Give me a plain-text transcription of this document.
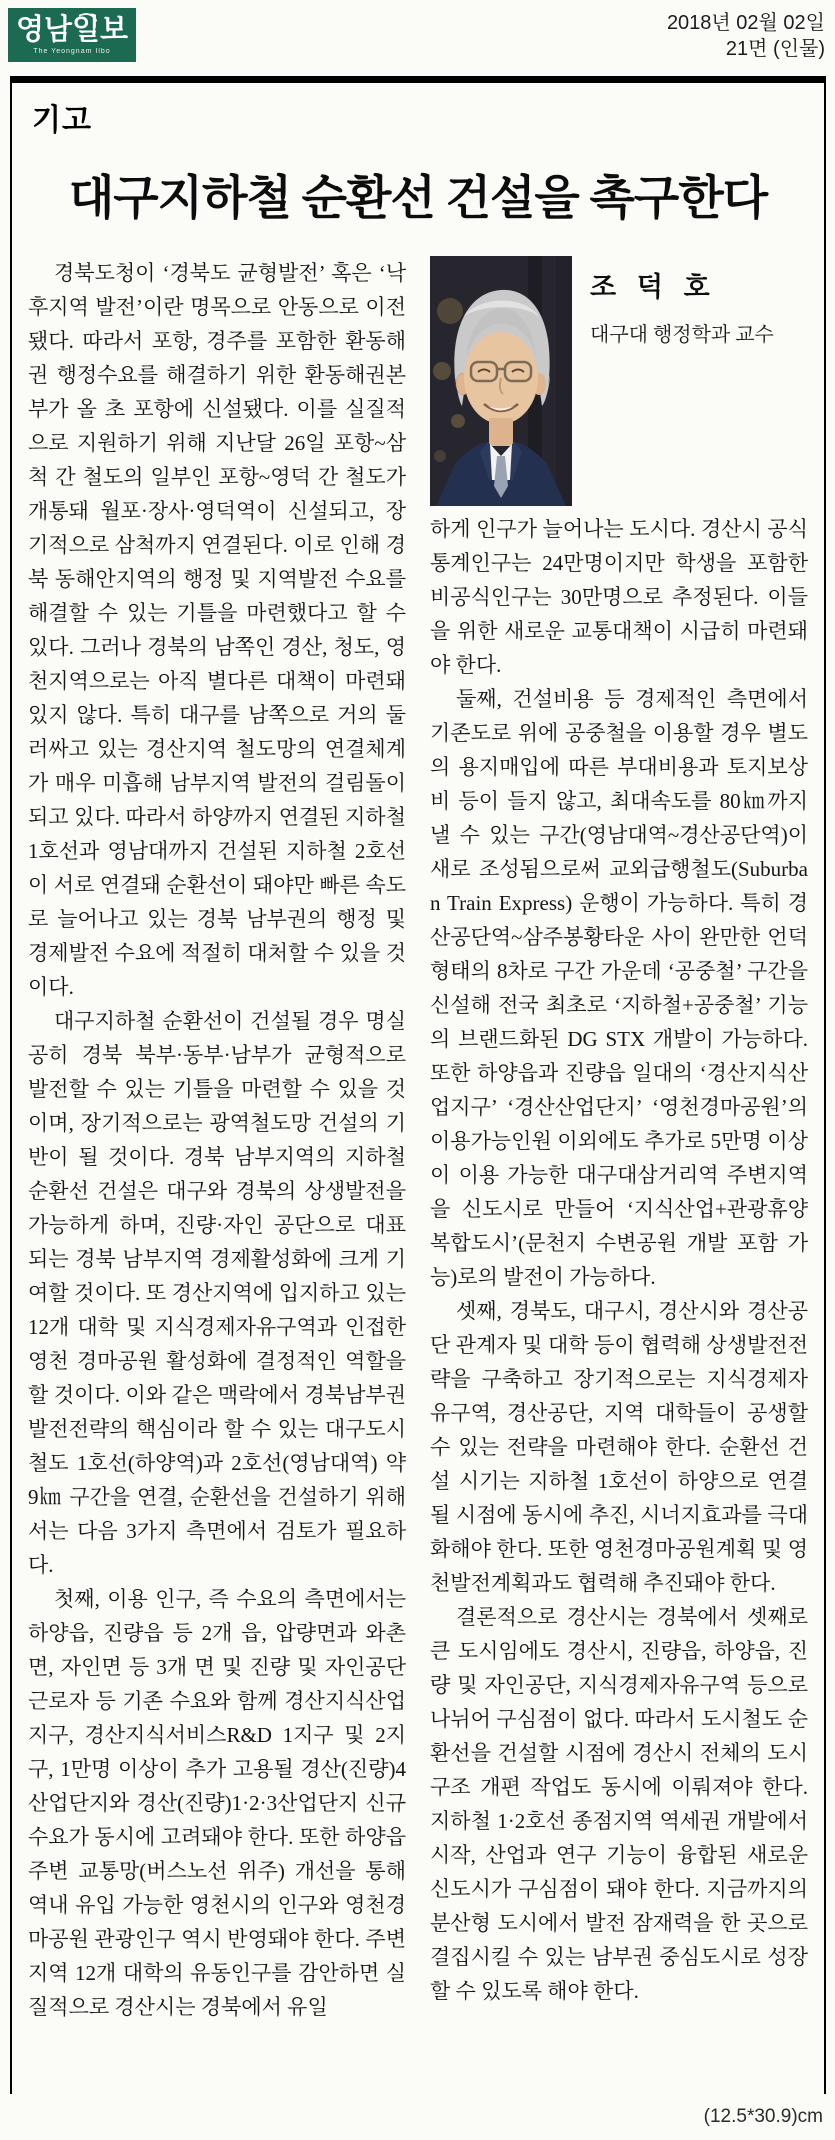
영남일보
The Yeongnam Ilbo
2018년 02월 02일
21면 (인물)
기고
대구지하철 순환선 건설을 촉구한다

경북도청이 ‘경북도 균형발전’ 혹은 ‘낙후지역 발전’이란 명목으로 안동으로 이전됐다. 따라서 포항, 경주를 포함한 환동해권 행정수요를 해결하기 위한 환동해권본부가 올 초 포항에 신설됐다. 이를 실질적으로 지원하기 위해 지난달 26일 포항~삼척 간 철도의 일부인 포항~영덕 간 철도가 개통돼 월포·장사·영덕역이 신설되고, 장기적으로 삼척까지 연결된다. 이로 인해 경북 동해안지역의 행정 및 지역발전 수요를 해결할 수 있는 기틀을 마련했다고 할 수 있다. 그러나 경북의 남쪽인 경산, 청도, 영천지역으로는 아직 별다른 대책이 마련돼 있지 않다. 특히 대구를 남쪽으로 거의 둘러싸고 있는 경산지역 철도망의 연결체계가 매우 미흡해 남부지역 발전의 걸림돌이 되고 있다. 따라서 하양까지 연결된 지하철 1호선과 영남대까지 건설된 지하철 2호선이 서로 연결돼 순환선이 돼야만 빠른 속도로 늘어나고 있는 경북 남부권의 행정 및 경제발전 수요에 적절히 대처할 수 있을 것이다.

대구지하철 순환선이 건설될 경우 명실공히 경북 북부·동부·남부가 균형적으로 발전할 수 있는 기틀을 마련할 수 있을 것이며, 장기적으로는 광역철도망 건설의 기반이 될 것이다. 경북 남부지역의 지하철 순환선 건설은 대구와 경북의 상생발전을 가능하게 하며, 진량·자인 공단으로 대표되는 경북 남부지역 경제활성화에 크게 기여할 것이다. 또 경산지역에 입지하고 있는 12개 대학 및 지식경제자유구역과 인접한 영천 경마공원 활성화에 결정적인 역할을 할 것이다. 이와 같은 맥락에서 경북남부권 발전전략의 핵심이라 할 수 있는 대구도시철도 1호선(하양역)과 2호선(영남대역) 약 9㎞ 구간을 연결, 순환선을 건설하기 위해서는 다음 3가지 측면에서 검토가 필요하다.

첫째, 이용 인구, 즉 수요의 측면에서는 하양읍, 진량읍 등 2개 읍, 압량면과 와촌면, 자인면 등 3개 면 및 진량 및 자인공단 근로자 등 기존 수요와 함께 경산지식산업지구, 경산지식서비스R&D 1지구 및 2지구, 1만명 이상이 추가 고용될 경산(진량)4산업단지와 경산(진량)1·2·3산업단지 신규 수요가 동시에 고려돼야 한다. 또한 하양읍 주변 교통망(버스노선 위주) 개선을 통해 역내 유입 가능한 영천시의 인구와 영천경마공원 관광인구 역시 반영돼야 한다. 주변지역 12개 대학의 유동인구를 감안하면 실질적으로 경산시는 경북에서 유일

조 덕 호
대구대 행정학과 교수

하게 인구가 늘어나는 도시다. 경산시 공식통계인구는 24만명이지만 학생을 포함한 비공식인구는 30만명으로 추정된다. 이들을 위한 새로운 교통대책이 시급히 마련돼야 한다.

둘째, 건설비용 등 경제적인 측면에서 기존도로 위에 공중철을 이용할 경우 별도의 용지매입에 따른 부대비용과 토지보상비 등이 들지 않고, 최대속도를 80㎞까지 낼 수 있는 구간(영남대역~경산공단역)이 새로 조성됨으로써 교외급행철도(Suburban Train Express) 운행이 가능하다. 특히 경산공단역~삼주봉황타운 사이 완만한 언덕 형태의 8차로 구간 가운데 ‘공중철’ 구간을 신설해 전국 최초로 ‘지하철+공중철’ 기능의 브랜드화된 DG STX 개발이 가능하다. 또한 하양읍과 진량읍 일대의 ‘경산지식산업지구’ ‘경산산업단지’ ‘영천경마공원’의 이용가능인원 이외에도 추가로 5만명 이상이 이용 가능한 대구대삼거리역 주변지역을 신도시로 만들어 ‘지식산업+관광휴양 복합도시’(문천지 수변공원 개발 포함 가능)로의 발전이 가능하다.

셋째, 경북도, 대구시, 경산시와 경산공단 관계자 및 대학 등이 협력해 상생발전전략을 구축하고 장기적으로는 지식경제자유구역, 경산공단, 지역 대학들이 공생할 수 있는 전략을 마련해야 한다. 순환선 건설 시기는 지하철 1호선이 하양으로 연결될 시점에 동시에 추진, 시너지효과를 극대화해야 한다. 또한 영천경마공원계획 및 영천발전계획과도 협력해 추진돼야 한다.

결론적으로 경산시는 경북에서 셋째로 큰 도시임에도 경산시, 진량읍, 하양읍, 진량 및 자인공단, 지식경제자유구역 등으로 나뉘어 구심점이 없다. 따라서 도시철도 순환선을 건설할 시점에 경산시 전체의 도시구조 개편 작업도 동시에 이뤄져야 한다. 지하철 1·2호선 종점지역 역세권 개발에서 시작, 산업과 연구 기능이 융합된 새로운 신도시가 구심점이 돼야 한다. 지금까지의 분산형 도시에서 발전 잠재력을 한 곳으로 결집시킬 수 있는 남부권 중심도시로 성장할 수 있도록 해야 한다.

(12.5*30.9)cm
